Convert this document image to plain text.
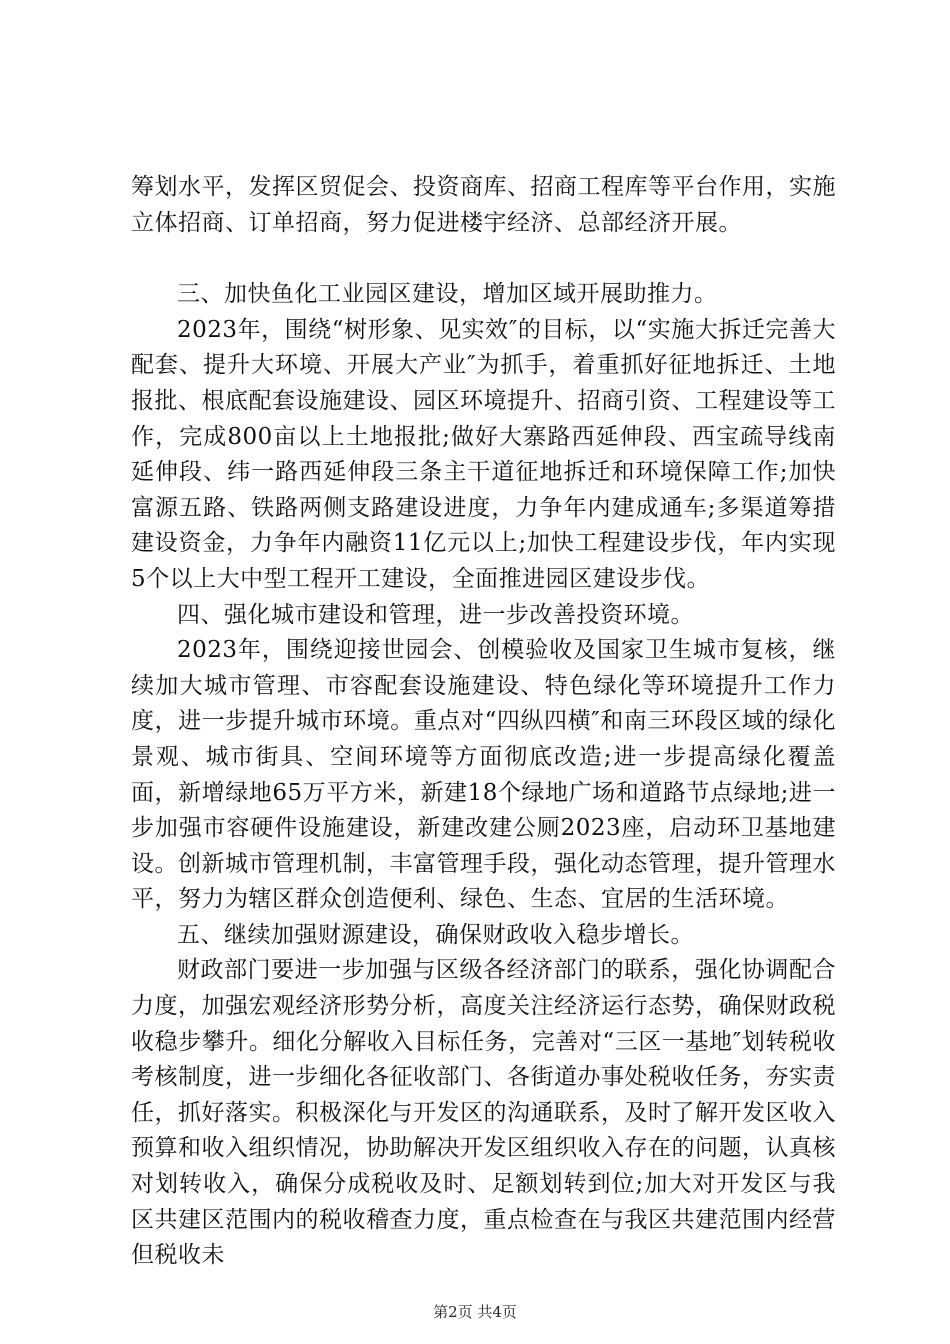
筹划水平，发挥区贸促会、投资商库、招商工程库等平台作用，实施立体招商、订单招商，努力促进楼宇经济、总部经济开展。

三、加快鱼化工业园区建设，增加区域开展助推力。

2023年，围绕“树形象、见实效″的目标，以“实施大拆迁完善大配套、提升大环境、开展大产业″为抓手，着重抓好征地拆迁、土地报批、根底配套设施建设、园区环境提升、招商引资、工程建设等工作，完成800亩以上土地报批;做好大寨路西延伸段、西宝疏导线南延伸段、纬一路西延伸段三条主干道征地拆迁和环境保障工作;加快富源五路、铁路两侧支路建设进度，力争年内建成通车;多渠道筹措建设资金，力争年内融资11亿元以上;加快工程建设步伐，年内实现5个以上大中型工程开工建设，全面推进园区建设步伐。

四、强化城市建设和管理，进一步改善投资环境。

2023年，围绕迎接世园会、创模验收及国家卫生城市复核，继续加大城市管理、市容配套设施建设、特色绿化等环境提升工作力度，进一步提升城市环境。重点对“四纵四横″和南三环段区域的绿化景观、城市街具、空间环境等方面彻底改造;进一步提高绿化覆盖面，新增绿地65万平方米，新建18个绿地广场和道路节点绿地;进一步加强市容硬件设施建设，新建改建公厕2023座，启动环卫基地建设。创新城市管理机制，丰富管理手段，强化动态管理，提升管理水平，努力为辖区群众创造便利、绿色、生态、宜居的生活环境。

五、继续加强财源建设，确保财政收入稳步增长。

财政部门要进一步加强与区级各经济部门的联系，强化协调配合力度，加强宏观经济形势分析，高度关注经济运行态势，确保财政税收稳步攀升。细化分解收入目标任务，完善对“三区一基地″划转税收考核制度，进一步细化各征收部门、各街道办事处税收任务，夯实责任，抓好落实。积极深化与开发区的沟通联系，及时了解开发区收入预算和收入组织情况，协助解决开发区组织收入存在的问题，认真核对划转收入，确保分成税收及时、足额划转到位;加大对开发区与我区共建区范围内的税收稽查力度，重点检查在与我区共建范围内经营但税收未

第2页 共4页
